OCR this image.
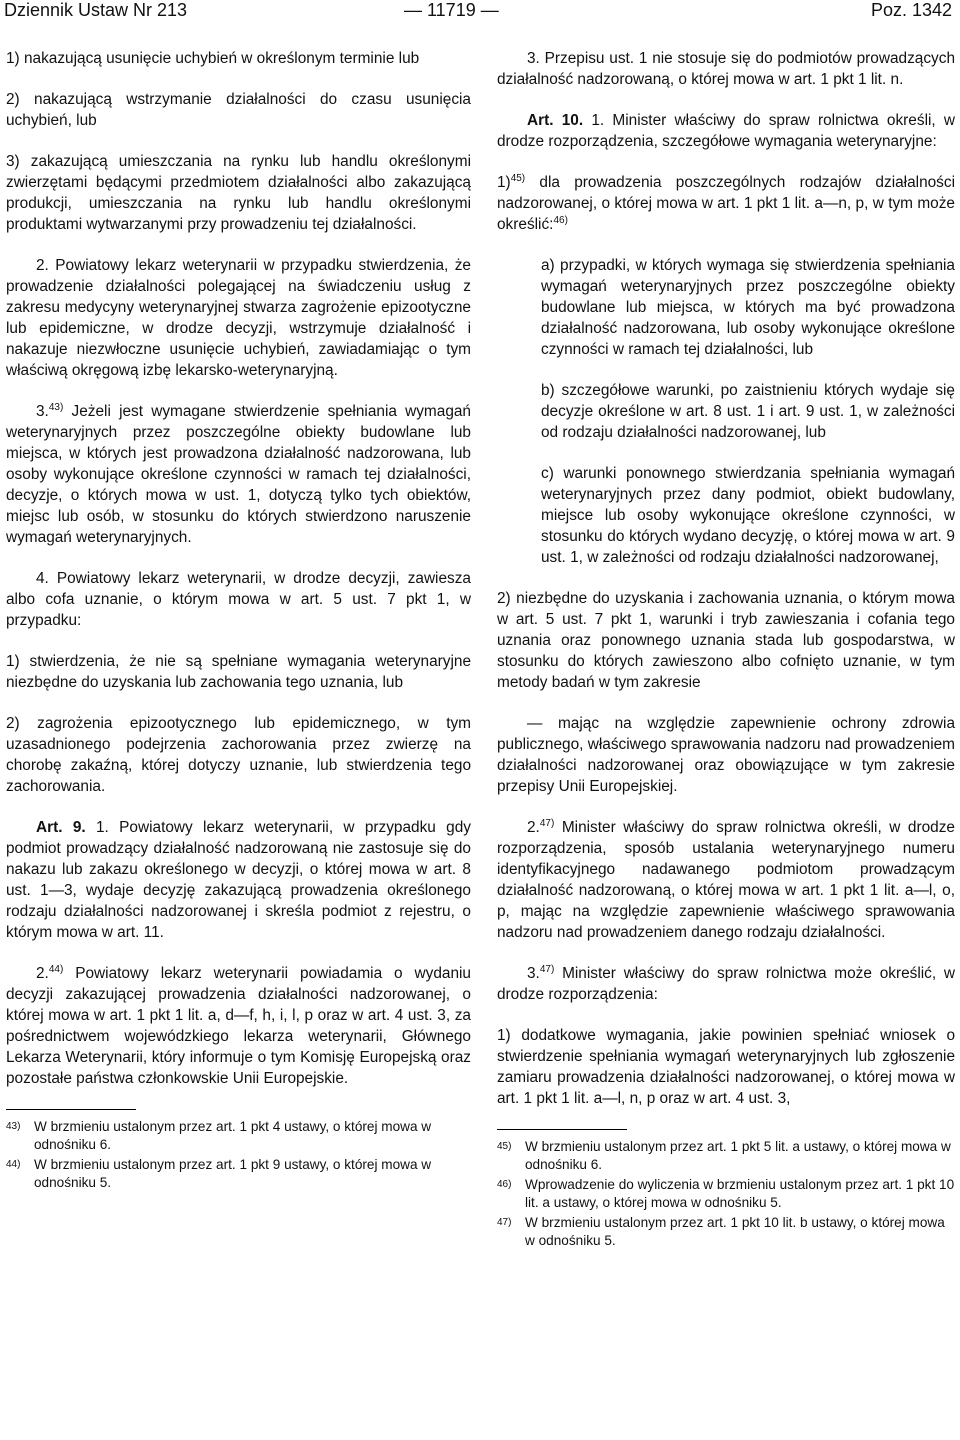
Dziennik Ustaw Nr 213	— 11719 —	Poz. 1342

1) nakazującą usunięcie uchybień w określonym terminie lub

2) nakazującą wstrzymanie działalności do czasu usunięcia uchybień, lub

3) zakazującą umieszczania na rynku lub handlu określonymi zwierzętami będącymi przedmiotem działalności albo zakazującą produkcji, umieszczania na rynku lub handlu określonymi produktami wytwarzanymi przy prowadzeniu tej działalności.

2. Powiatowy lekarz weterynarii w przypadku stwierdzenia, że prowadzenie działalności polegającej na świadczeniu usług z zakresu medycyny weterynaryjnej stwarza zagrożenie epizootyczne lub epidemiczne, w drodze decyzji, wstrzymuje działalność i nakazuje niezwłoczne usunięcie uchybień, zawiadamiając o tym właściwą okręgową izbę lekarsko-weterynaryjną.

3.$^{43)}$ Jeżeli jest wymagane stwierdzenie spełniania wymagań weterynaryjnych przez poszczególne obiekty budowlane lub miejsca, w których jest prowadzona działalność nadzorowana, lub osoby wykonujące określone czynności w ramach tej działalności, decyzje, o których mowa w ust. 1, dotyczą tylko tych obiektów, miejsc lub osób, w stosunku do których stwierdzono naruszenie wymagań weterynaryjnych.

4. Powiatowy lekarz weterynarii, w drodze decyzji, zawiesza albo cofa uznanie, o którym mowa w art. 5 ust. 7 pkt 1, w przypadku:

1) stwierdzenia, że nie są spełniane wymagania weterynaryjne niezbędne do uzyskania lub zachowania tego uznania, lub

2) zagrożenia epizootycznego lub epidemicznego, w tym uzasadnionego podejrzenia zachorowania przez zwierzę na chorobę zakaźną, której dotyczy uznanie, lub stwierdzenia tego zachorowania.

Art. 9. 1. Powiatowy lekarz weterynarii, w przypadku gdy podmiot prowadzący działalność nadzorowaną nie zastosuje się do nakazu lub zakazu określonego w decyzji, o której mowa w art. 8 ust. 1—3, wydaje decyzję zakazującą prowadzenia określonego rodzaju działalności nadzorowanej i skreśla podmiot z rejestru, o którym mowa w art. 11.

2.$^{44)}$ Powiatowy lekarz weterynarii powiadamia o wydaniu decyzji zakazującej prowadzenia działalności nadzorowanej, o której mowa w art. 1 pkt 1 lit. a, d—f, h, i, l, p oraz w art. 4 ust. 3, za pośrednictwem wojewódzkiego lekarza weterynarii, Głównego Lekarza Weterynarii, który informuje o tym Komisję Europejską oraz pozostałe państwa członkowskie Unii Europejskie.

43) W brzmieniu ustalonym przez art. 1 pkt 4 ustawy, o której mowa w odnośniku 6.
44) W brzmieniu ustalonym przez art. 1 pkt 9 ustawy, o której mowa w odnośniku 5.

3. Przepisu ust. 1 nie stosuje się do podmiotów prowadzących działalność nadzorowaną, o której mowa w art. 1 pkt 1 lit. n.

Art. 10. 1. Minister właściwy do spraw rolnictwa określi, w drodze rozporządzenia, szczegółowe wymagania weterynaryjne:

1)$^{45)}$ dla prowadzenia poszczególnych rodzajów działalności nadzorowanej, o której mowa w art. 1 pkt 1 lit. a—n, p, w tym może określić:$^{46)}$

a) przypadki, w których wymaga się stwierdzenia spełniania wymagań weterynaryjnych przez poszczególne obiekty budowlane lub miejsca, w których ma być prowadzona działalność nadzorowana, lub osoby wykonujące określone czynności w ramach tej działalności, lub

b) szczegółowe warunki, po zaistnieniu których wydaje się decyzje określone w art. 8 ust. 1 i art. 9 ust. 1, w zależności od rodzaju działalności nadzorowanej, lub

c) warunki ponownego stwierdzania spełniania wymagań weterynaryjnych przez dany podmiot, obiekt budowlany, miejsce lub osoby wykonujące określone czynności, w stosunku do których wydano decyzję, o której mowa w art. 9 ust. 1, w zależności od rodzaju działalności nadzorowanej,

2) niezbędne do uzyskania i zachowania uznania, o którym mowa w art. 5 ust. 7 pkt 1, warunki i tryb zawieszania i cofania tego uznania oraz ponownego uznania stada lub gospodarstwa, w stosunku do których zawieszono albo cofnięto uznanie, w tym metody badań w tym zakresie

— mając na względzie zapewnienie ochrony zdrowia publicznego, właściwego sprawowania nadzoru nad prowadzeniem działalności nadzorowanej oraz obowiązujące w tym zakresie przepisy Unii Europejskiej.

2.$^{47)}$ Minister właściwy do spraw rolnictwa określi, w drodze rozporządzenia, sposób ustalania weterynaryjnego numeru identyfikacyjnego nadawanego podmiotom prowadzącym działalność nadzorowaną, o której mowa w art. 1 pkt 1 lit. a—l, o, p, mając na względzie zapewnienie właściwego sprawowania nadzoru nad prowadzeniem danego rodzaju działalności.

3.$^{47)}$ Minister właściwy do spraw rolnictwa może określić, w drodze rozporządzenia:

1) dodatkowe wymagania, jakie powinien spełniać wniosek o stwierdzenie spełniania wymagań weterynaryjnych lub zgłoszenie zamiaru prowadzenia działalności nadzorowanej, o której mowa w art. 1 pkt 1 lit. a—l, n, p oraz w art. 4 ust. 3,

45) W brzmieniu ustalonym przez art. 1 pkt 5 lit. a ustawy, o której mowa w odnośniku 6.
46) Wprowadzenie do wyliczenia w brzmieniu ustalonym przez art. 1 pkt 10 lit. a ustawy, o której mowa w odnośniku 5.
47) W brzmieniu ustalonym przez art. 1 pkt 10 lit. b ustawy, o której mowa w odnośniku 5.
